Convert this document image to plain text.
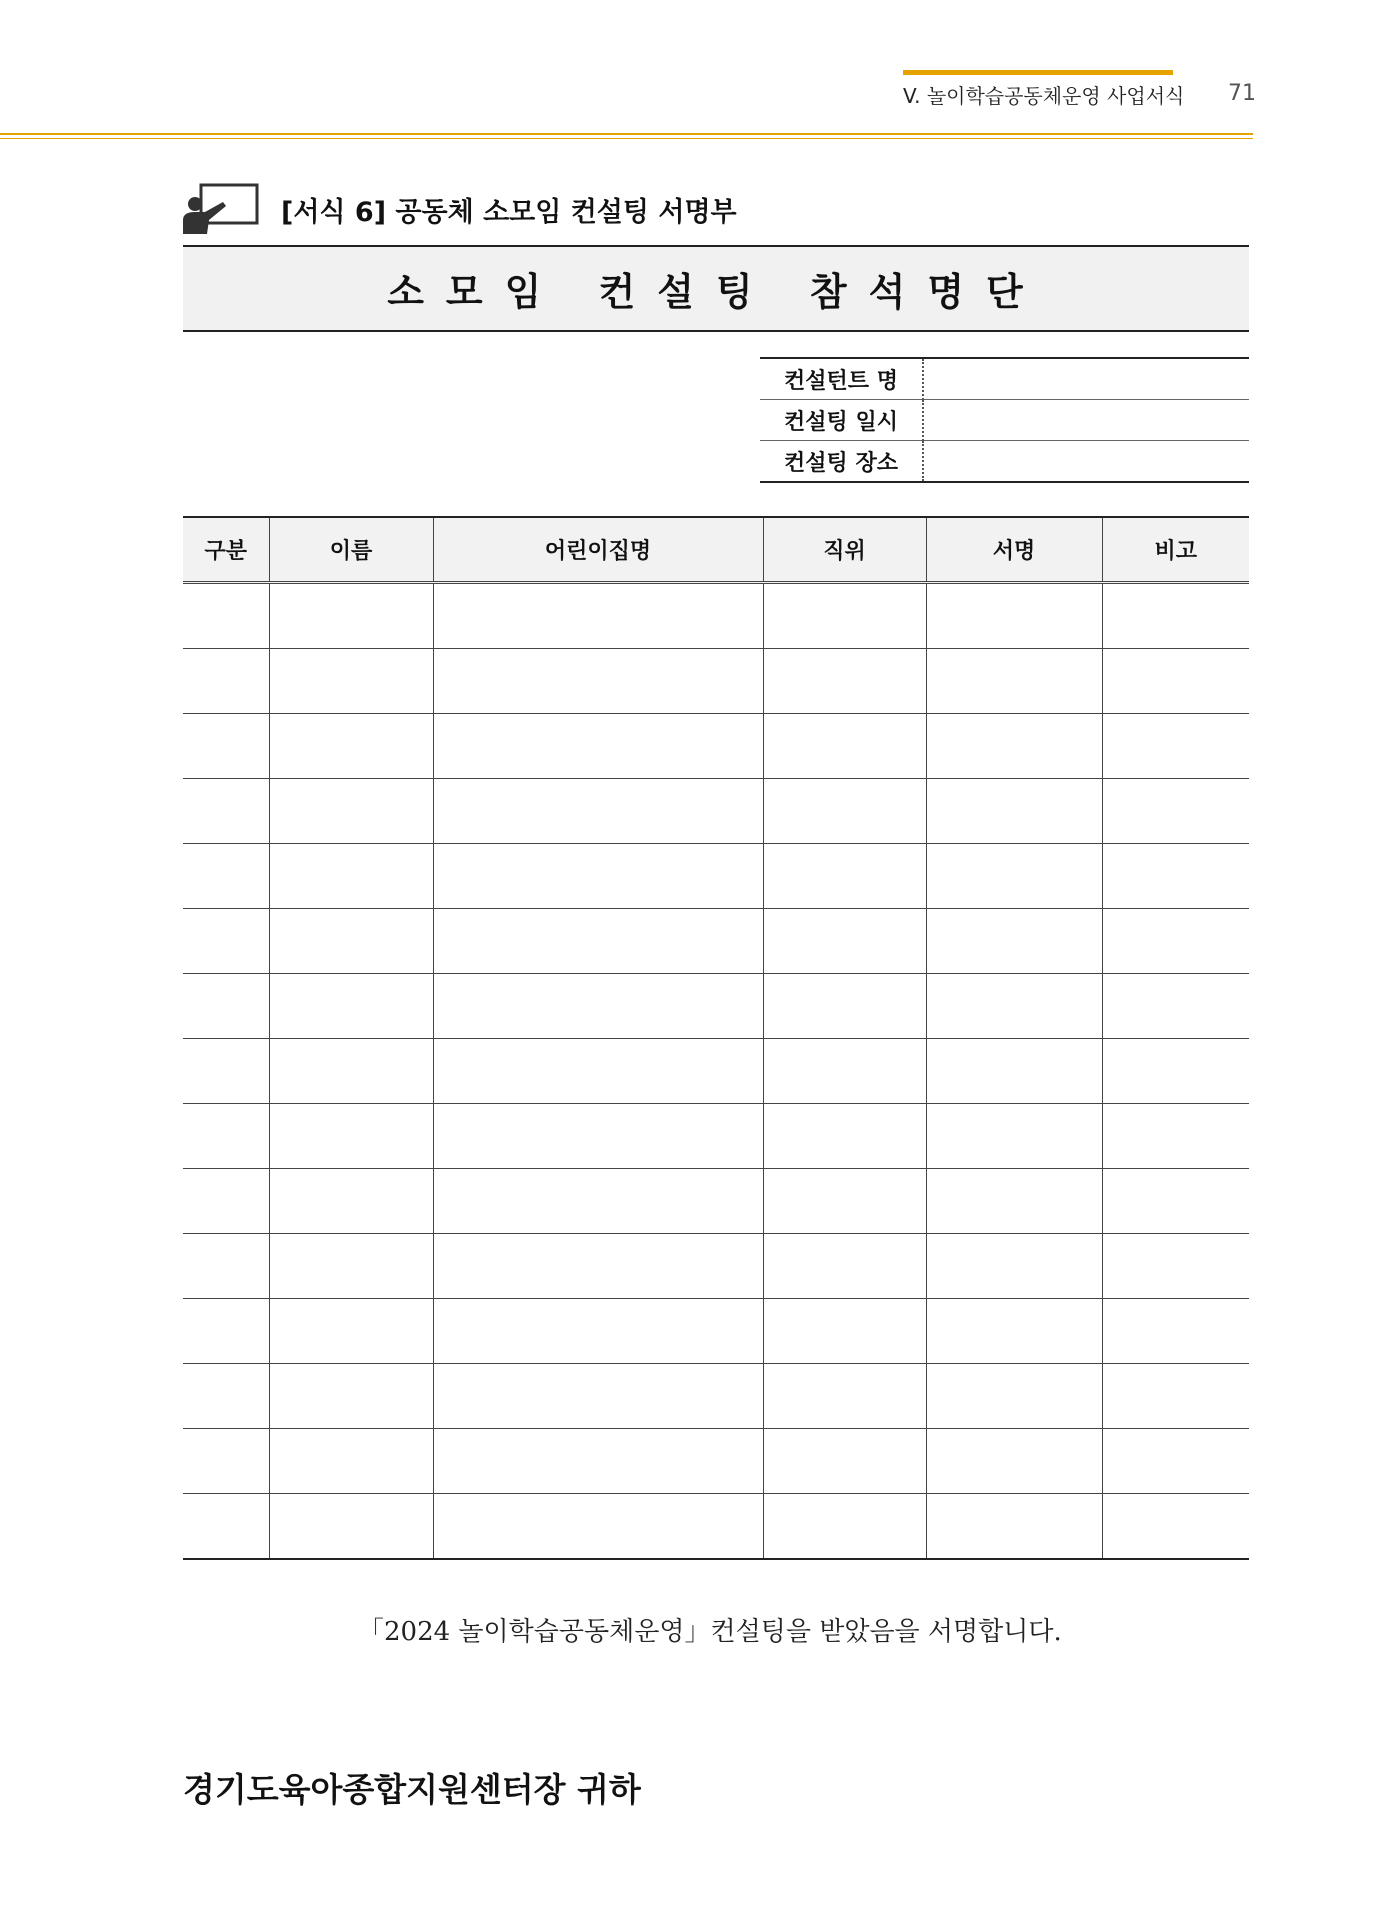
V. 놀이학습공동체운영 사업서식 71
[서식 6] 공동체 소모임 컨설팅 서명부
소모임 컨설팅 참석명단
컨설턴트 명	
컨설팅 일시	
컨설팅 장소	
구분	이름	어린이집명	직위	서명	비고

「2024 놀이학습공동체운영」컨설팅을 받았음을 서명합니다.
경기도육아종합지원센터장 귀하
